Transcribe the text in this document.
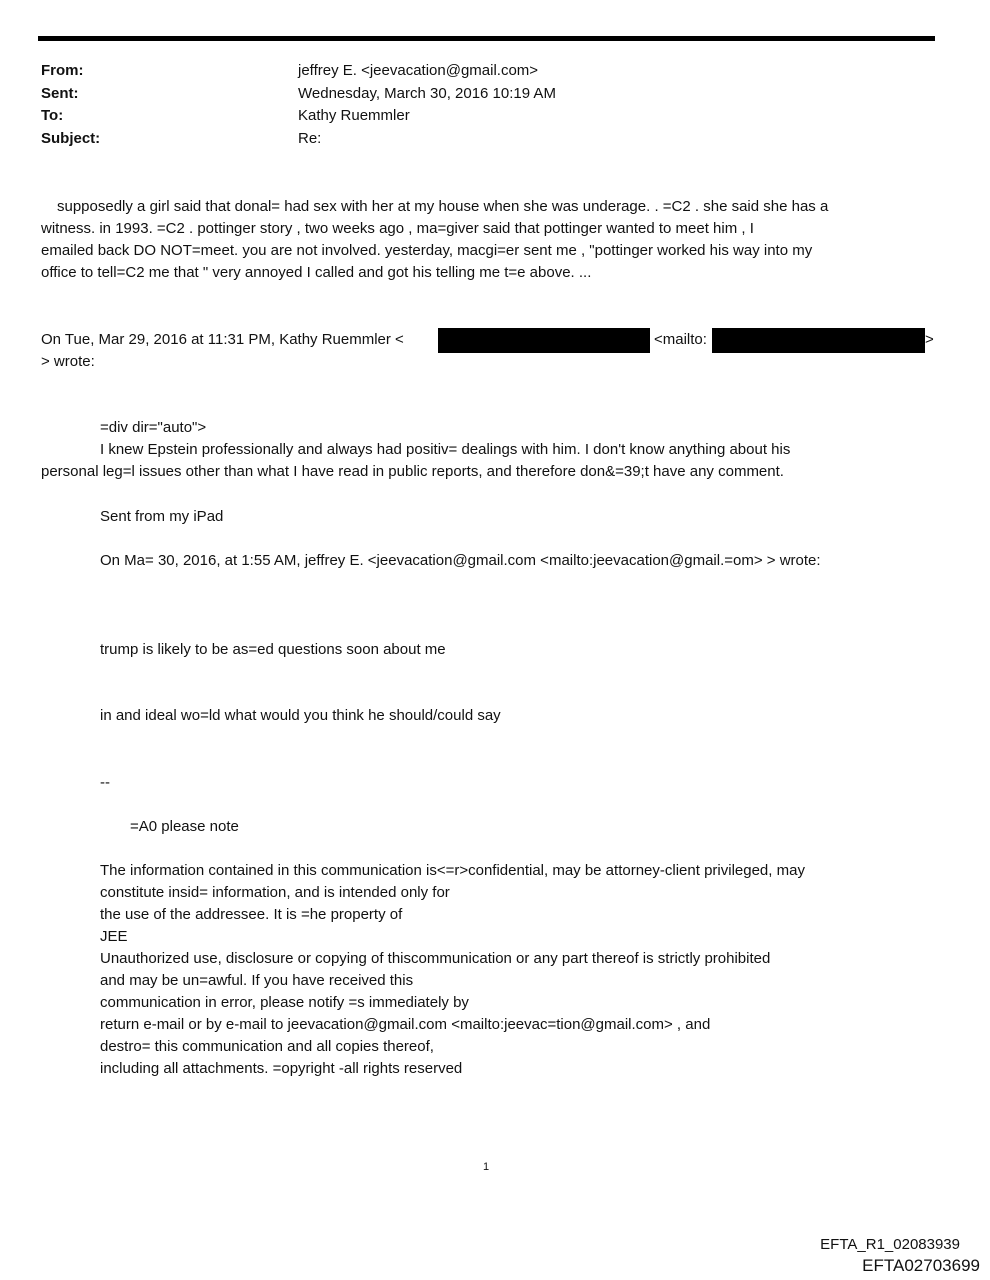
From:	jeffrey E. <jeevacation@gmail.com>
Sent:	Wednesday, March 30, 2016 10:19 AM
To:	Kathy Ruemmler
Subject:	Re:
supposedly a girl said that donal= had sex with her at my house when she was underage. . =C2 . she said she has a
witness. in 1993. =C2 . pottinger story , two weeks ago , ma=giver said that pottinger wanted to meet him , I
emailed back DO NOT=meet. you are not involved. yesterday, macgi=er sent me , "pottinger worked his way into my
office to tell=C2 me that " very annoyed I called and got his telling me t=e above. ...
On Tue, Mar 29, 2016 at 11:31 PM, Kathy Ruemmler <	<mailto:	>
> wrote:
=div dir="auto">
I knew Epstein professionally and always had positiv= dealings with him. I don't know anything about his
personal leg=l issues other than what I have read in public reports, and therefore don&=39;t have any comment.
Sent from my iPad
On Ma= 30, 2016, at 1:55 AM, jeffrey E. <jeevacation@gmail.com <mailto:jeevacation@gmail.=om> > wrote:
trump is likely to be as=ed questions soon about me
in and ideal wo=ld what would you think he should/could say
--
=A0 please note
The information contained in this communication is<=r>confidential, may be attorney-client privileged, may
constitute insid= information, and is intended only for
the use of the addressee. It is =he property of
JEE
Unauthorized use, disclosure or copying of thiscommunication or any part thereof is strictly prohibited
and may be un=awful. If you have received this
communication in error, please notify =s immediately by
return e-mail or by e-mail to jeevacation@gmail.com <mailto:jeevac=tion@gmail.com> , and
destro= this communication and all copies thereof,
including all attachments. =opyright -all rights reserved
1
EFTA_R1_02083939
EFTA02703699
